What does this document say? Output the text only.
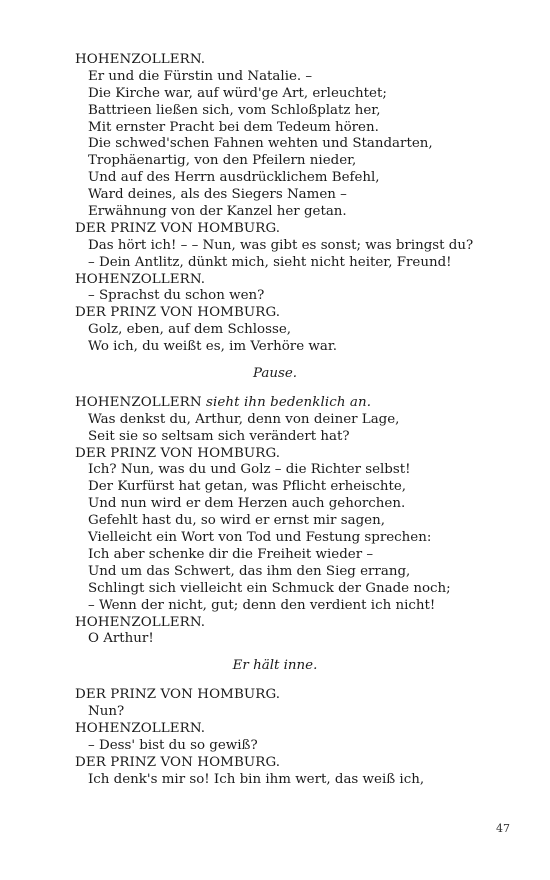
HOHENZOLLERN.
Er und die Fürstin und Natalie. –
Die Kirche war, auf würd'ge Art, erleuchtet;
Battrieen ließen sich, vom Schloßplatz her,
Mit ernster Pracht bei dem Tedeum hören.
Die schwed'schen Fahnen wehten und Standarten,
Trophäenartig, von den Pfeilern nieder,
Und auf des Herrn ausdrücklichem Befehl,
Ward deines, als des Siegers Namen –
Erwähnung von der Kanzel her getan.
DER PRINZ VON HOMBURG.
Das hört ich! – – Nun, was gibt es sonst; was bringst du?
– Dein Antlitz, dünkt mich, sieht nicht heiter, Freund!
HOHENZOLLERN.
– Sprachst du schon wen?
DER PRINZ VON HOMBURG.
Golz, eben, auf dem Schlosse,
Wo ich, du weißt es, im Verhöre war.
Pause.
HOHENZOLLERN sieht ihn bedenklich an.
Was denkst du, Arthur, denn von deiner Lage,
Seit sie so seltsam sich verändert hat?
DER PRINZ VON HOMBURG.
Ich? Nun, was du und Golz – die Richter selbst!
Der Kurfürst hat getan, was Pflicht erheischte,
Und nun wird er dem Herzen auch gehorchen.
Gefehlt hast du, so wird er ernst mir sagen,
Vielleicht ein Wort von Tod und Festung sprechen:
Ich aber schenke dir die Freiheit wieder –
Und um das Schwert, das ihm den Sieg errang,
Schlingt sich vielleicht ein Schmuck der Gnade noch;
– Wenn der nicht, gut; denn den verdient ich nicht!
HOHENZOLLERN.
O Arthur!
Er hält inne.
DER PRINZ VON HOMBURG.
Nun?
HOHENZOLLERN.
– Dess' bist du so gewiß?
DER PRINZ VON HOMBURG.
Ich denk's mir so! Ich bin ihm wert, das weiß ich,
47
